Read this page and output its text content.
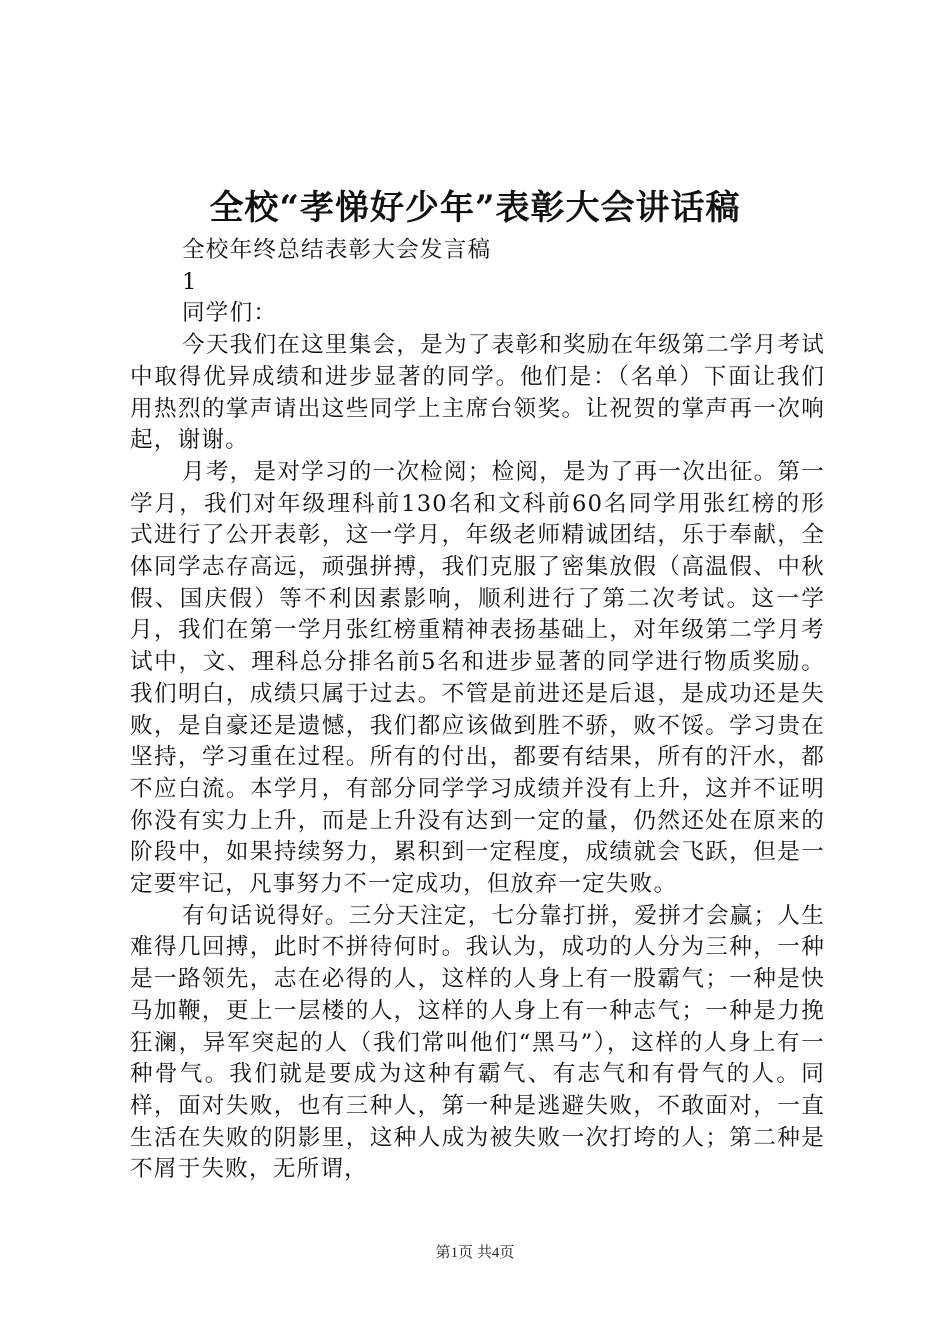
全校“孝悌好少年”表彰大会讲话稿
全校年终总结表彰大会发言稿
1
同学们：

今天我们在这里集会，是为了表彰和奖励在年级第二学月考试中取得优异成绩和进步显著的同学。他们是：（名单）下面让我们用热烈的掌声请出这些同学上主席台领奖。让祝贺的掌声再一次响起，谢谢。

月考，是对学习的一次检阅；检阅，是为了再一次出征。第一学月，我们对年级理科前130名和文科前60名同学用张红榜的形式进行了公开表彰，这一学月，年级老师精诚团结，乐于奉献，全体同学志存高远，顽强拼搏，我们克服了密集放假（高温假、中秋假、国庆假）等不利因素影响，顺利进行了第二次考试。这一学月，我们在第一学月张红榜重精神表扬基础上，对年级第二学月考试中，文、理科总分排名前5名和进步显著的同学进行物质奖励。我们明白，成绩只属于过去。不管是前进还是后退，是成功还是失败，是自豪还是遗憾，我们都应该做到胜不骄，败不馁。学习贵在坚持，学习重在过程。所有的付出，都要有结果，所有的汗水，都不应白流。本学月，有部分同学学习成绩并没有上升，这并不证明你没有实力上升，而是上升没有达到一定的量，仍然还处在原来的阶段中，如果持续努力，累积到一定程度，成绩就会飞跃，但是一定要牢记，凡事努力不一定成功，但放弃一定失败。

有句话说得好。三分天注定，七分靠打拼，爱拼才会赢；人生难得几回搏，此时不拼待何时。我认为，成功的人分为三种，一种是一路领先，志在必得的人，这样的人身上有一股霸气；一种是快马加鞭，更上一层楼的人，这样的人身上有一种志气；一种是力挽狂澜，异军突起的人（我们常叫他们“黑马”），这样的人身上有一种骨气。我们就是要成为这种有霸气、有志气和有骨气的人。同样，面对失败，也有三种人，第一种是逃避失败，不敢面对，一直生活在失败的阴影里，这种人成为被失败一次打垮的人；第二种是不屑于失败，无所谓，

第1页 共4页
